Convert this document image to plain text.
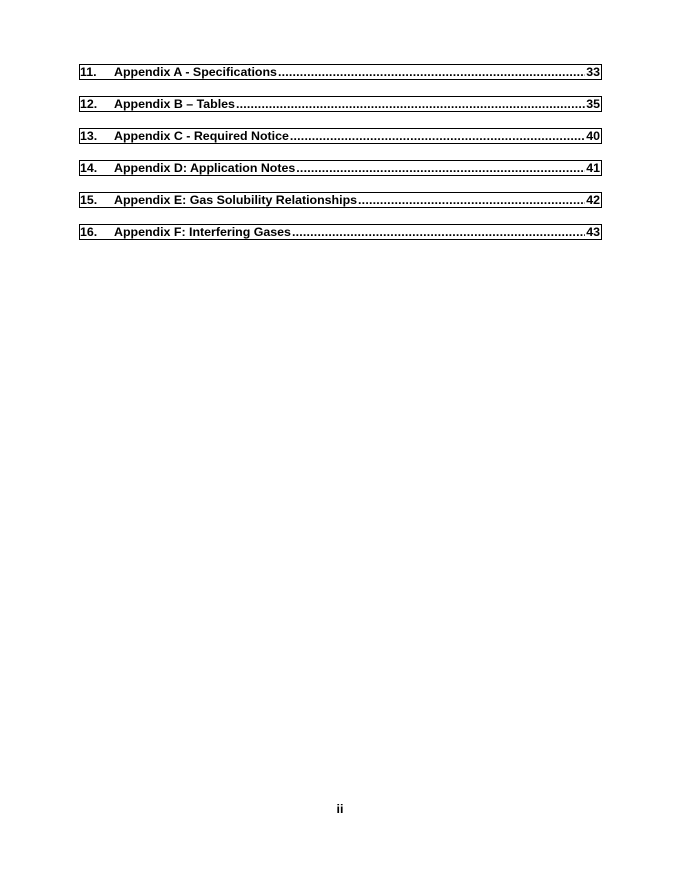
11.	Appendix A - Specifications .....	33
12.	Appendix B – Tables .....	35
13.	Appendix C - Required Notice .....	40
14.	Appendix D: Application Notes .....	41
15.	Appendix E: Gas Solubility Relationships .....	42
16.	Appendix F: Interfering Gases .....	43
ii
